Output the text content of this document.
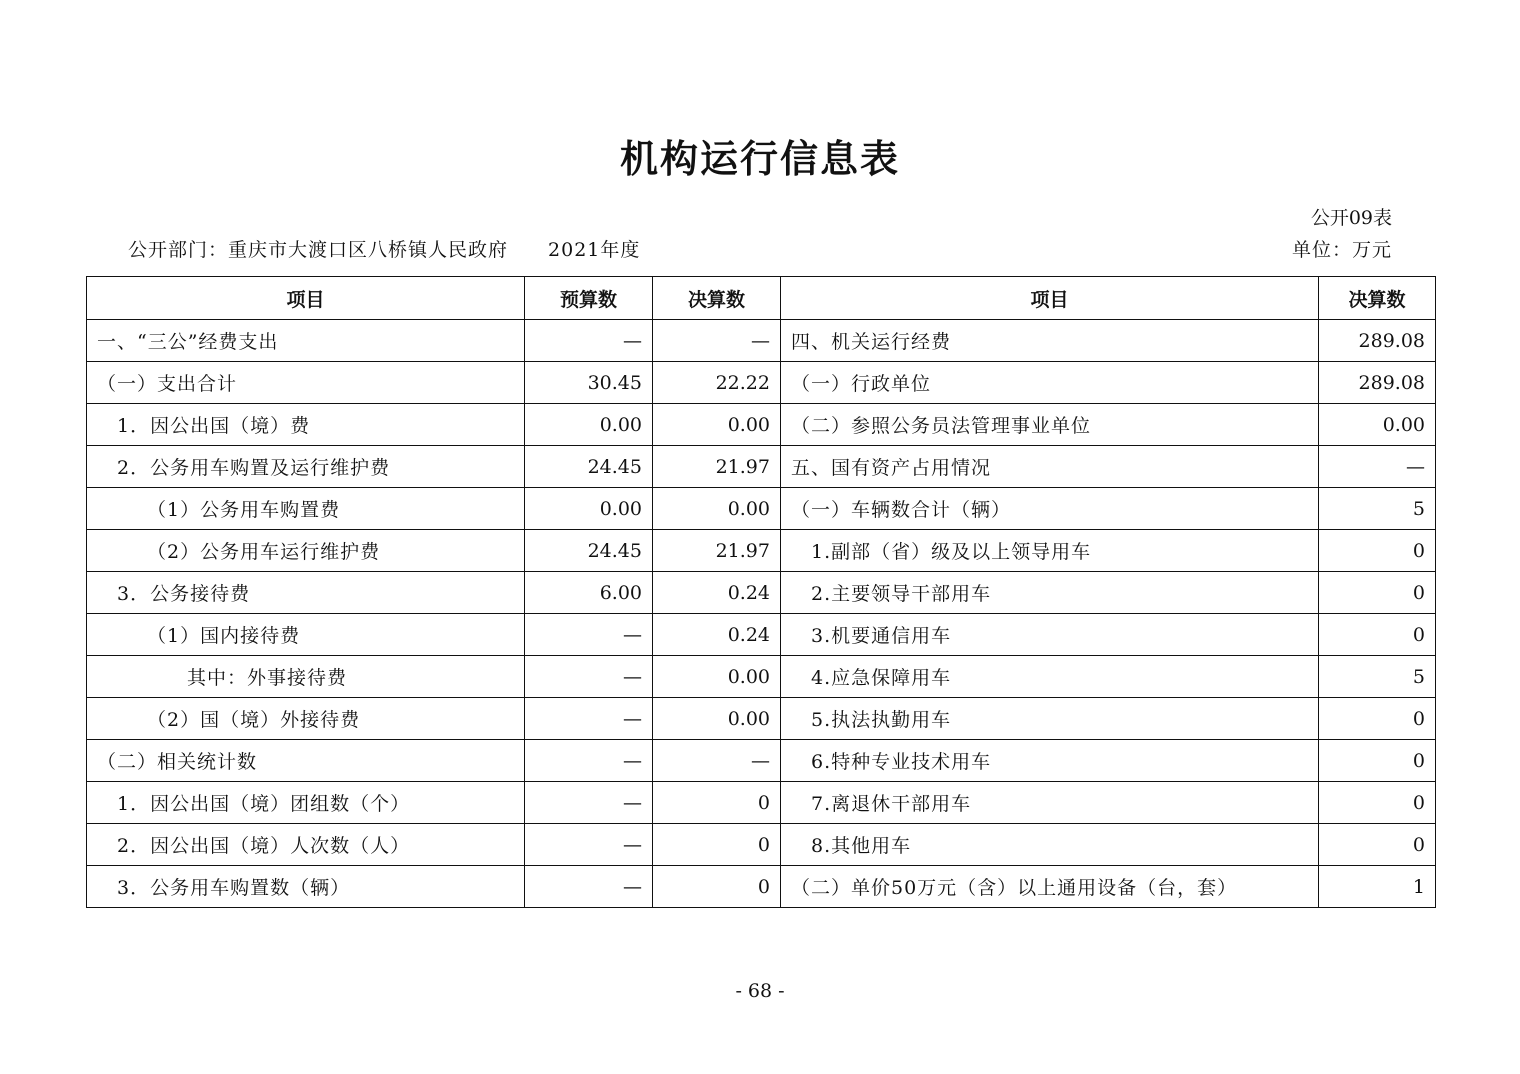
机构运行信息表
公开09表
公开部门：重庆市大渡口区八桥镇人民政府 2021年度	单位：万元
项目	预算数	决算数	项目	决算数
一、“三公”经费支出	—	—	四、机关运行经费	289.08
（一）支出合计	30.45	22.22	（一）行政单位	289.08
1．因公出国（境）费	0.00	0.00	（二）参照公务员法管理事业单位	0.00
2．公务用车购置及运行维护费	24.45	21.97	五、国有资产占用情况	—
（1）公务用车购置费	0.00	0.00	（一）车辆数合计（辆）	5
（2）公务用车运行维护费	24.45	21.97	1.副部（省）级及以上领导用车	0
3．公务接待费	6.00	0.24	2.主要领导干部用车	0
（1）国内接待费	—	0.24	3.机要通信用车	0
其中：外事接待费	—	0.00	4.应急保障用车	5
（2）国（境）外接待费	—	0.00	5.执法执勤用车	0
（二）相关统计数	—	—	6.特种专业技术用车	0
1．因公出国（境）团组数（个）	—	0	7.离退休干部用车	0
2．因公出国（境）人次数（人）	—	0	8.其他用车	0
3．公务用车购置数（辆）	—	0	（二）单价50万元（含）以上通用设备（台，套）	1
- 68 -
